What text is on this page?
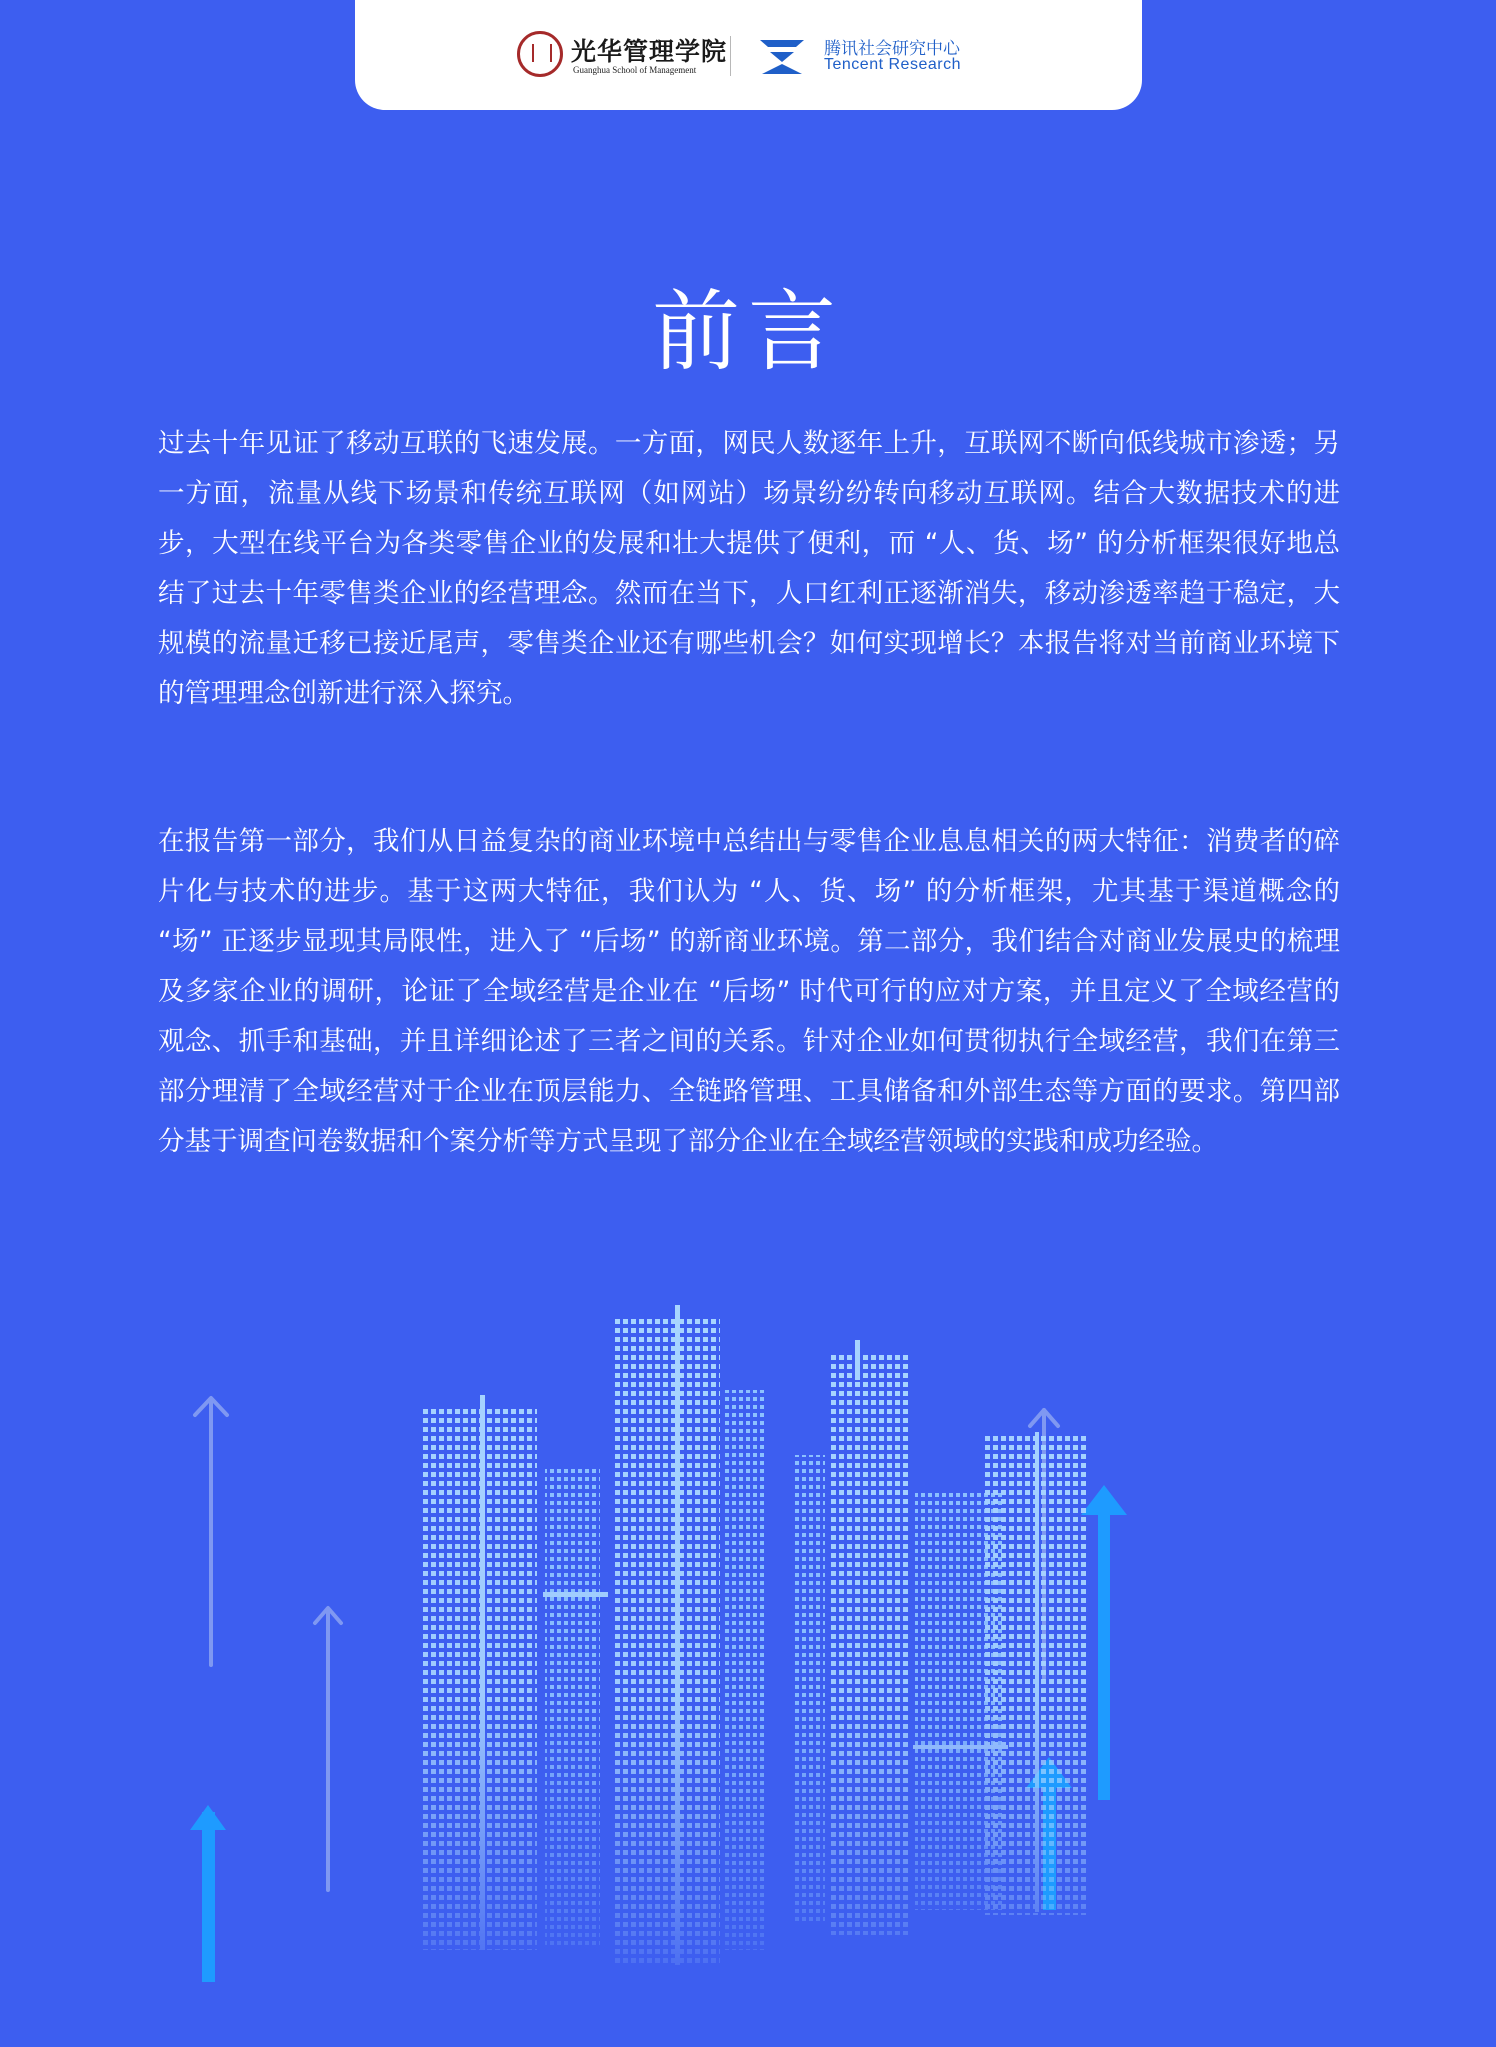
光华管理学院
Guanghua School of Management
腾讯社会研究中心
Tencent Research
前言

过去十年见证了移动互联的飞速发展。一方面，网民人数逐年上升，互联网不断向低线城市渗透；另一方面，流量从线下场景和传统互联网（如网站）场景纷纷转向移动互联网。结合大数据技术的进步，大型在线平台为各类零售企业的发展和壮大提供了便利，而 “人、货、场” 的分析框架很好地总结了过去十年零售类企业的经营理念。然而在当下，人口红利正逐渐消失，移动渗透率趋于稳定，大规模的流量迁移已接近尾声，零售类企业还有哪些机会？如何实现增长？本报告将对当前商业环境下的管理理念创新进行深入探究。

在报告第一部分，我们从日益复杂的商业环境中总结出与零售企业息息相关的两大特征：消费者的碎片化与技术的进步。基于这两大特征，我们认为 “人、货、场” 的分析框架，尤其基于渠道概念的 “场” 正逐步显现其局限性，进入了 “后场” 的新商业环境。第二部分，我们结合对商业发展史的梳理及多家企业的调研，论证了全域经营是企业在 “后场” 时代可行的应对方案，并且定义了全域经营的观念、抓手和基础，并且详细论述了三者之间的关系。针对企业如何贯彻执行全域经营，我们在第三部分理清了全域经营对于企业在顶层能力、全链路管理、工具储备和外部生态等方面的要求。第四部分基于调查问卷数据和个案分析等方式呈现了部分企业在全域经营领域的实践和成功经验。
